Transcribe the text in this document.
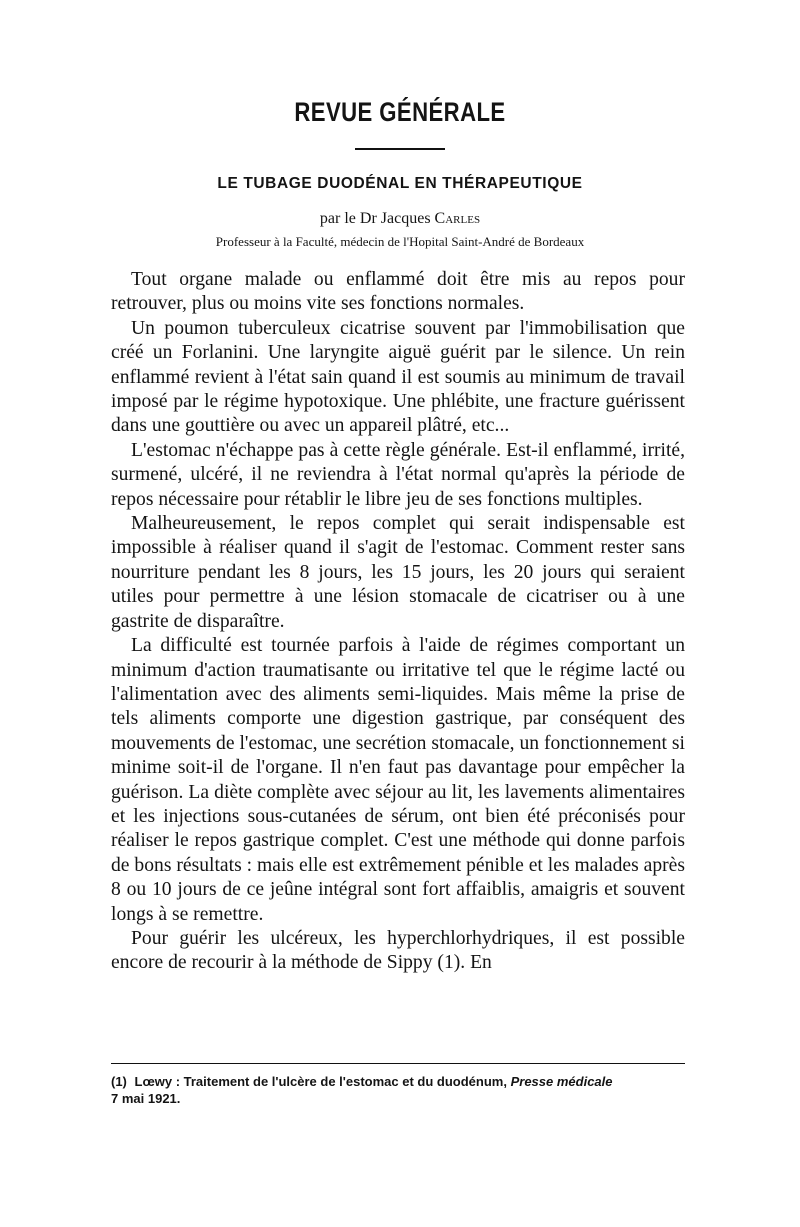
REVUE GÉNÉRALE
LE TUBAGE DUODÉNAL EN THÉRAPEUTIQUE
par le Dr Jacques Carles
Professeur à la Faculté, médecin de l'Hopital Saint-André de Bordeaux

Tout organe malade ou enflammé doit être mis au repos pour retrouver, plus ou moins vite ses fonctions normales.

Un poumon tuberculeux cicatrise souvent par l'immobilisation que créé un Forlanini. Une laryngite aiguë guérit par le silence. Un rein enflammé revient à l'état sain quand il est soumis au minimum de travail imposé par le régime hypotoxique. Une phlébite, une fracture guérissent dans une gouttière ou avec un appareil plâtré, etc...

L'estomac n'échappe pas à cette règle générale. Est-il enflammé, irrité, surmené, ulcéré, il ne reviendra à l'état normal qu'après la période de repos nécessaire pour rétablir le libre jeu de ses fonctions multiples.

Malheureusement, le repos complet qui serait indispensable est impossible à réaliser quand il s'agit de l'estomac. Comment rester sans nourriture pendant les 8 jours, les 15 jours, les 20 jours qui seraient utiles pour permettre à une lésion stomacale de cicatriser ou à une gastrite de disparaître.

La difficulté est tournée parfois à l'aide de régimes comportant un minimum d'action traumatisante ou irritative tel que le régime lacté ou l'alimentation avec des aliments semi-liquides. Mais même la prise de tels aliments comporte une digestion gastrique, par conséquent des mouvements de l'estomac, une secrétion stomacale, un fonctionnement si minime soit-il de l'organe. Il n'en faut pas davantage pour empêcher la guérison. La diète complète avec séjour au lit, les lavements alimentaires et les injections sous-cutanées de sérum, ont bien été préconisés pour réaliser le repos gastrique complet. C'est une méthode qui donne parfois de bons résultats : mais elle est extrêmement pénible et les malades après 8 ou 10 jours de ce jeûne intégral sont fort affaiblis, amaigris et souvent longs à se remettre.

Pour guérir les ulcéreux, les hyperchlorhydriques, il est possible encore de recourir à la méthode de Sippy (1). En

(1) Lœwy : Traitement de l'ulcère de l'estomac et du duodénum, Presse médicale
7 mai 1921.
